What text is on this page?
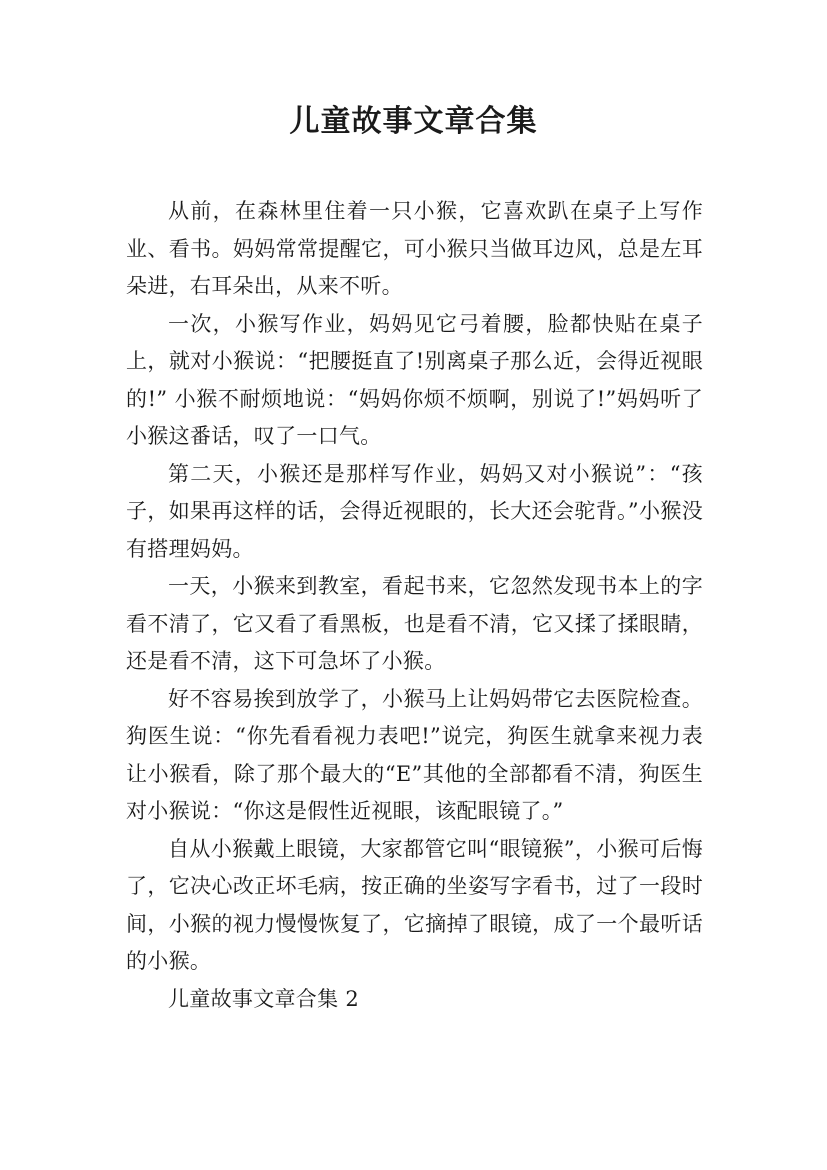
儿童故事文章合集

从前，在森林里住着一只小猴，它喜欢趴在桌子上写作业、看书。妈妈常常提醒它，可小猴只当做耳边风，总是左耳朵进，右耳朵出，从来不听。

一次，小猴写作业，妈妈见它弓着腰，脸都快贴在桌子上，就对小猴说：“把腰挺直了!别离桌子那么近，会得近视眼的!” 小猴不耐烦地说：“妈妈你烦不烦啊，别说了!”妈妈听了小猴这番话，叹了一口气。

第二天，小猴还是那样写作业，妈妈又对小猴说”：“孩子，如果再这样的话，会得近视眼的，长大还会驼背。”小猴没有搭理妈妈。

一天，小猴来到教室，看起书来，它忽然发现书本上的字看不清了，它又看了看黑板，也是看不清，它又揉了揉眼睛，还是看不清，这下可急坏了小猴。

好不容易挨到放学了，小猴马上让妈妈带它去医院检查。狗医生说：“你先看看视力表吧!”说完，狗医生就拿来视力表让小猴看，除了那个最大的“E”其他的全部都看不清，狗医生对小猴说：“你这是假性近视眼，该配眼镜了。”

自从小猴戴上眼镜，大家都管它叫“眼镜猴”，小猴可后悔了，它决心改正坏毛病，按正确的坐姿写字看书，过了一段时间，小猴的视力慢慢恢复了，它摘掉了眼镜，成了一个最听话的小猴。

儿童故事文章合集 2
